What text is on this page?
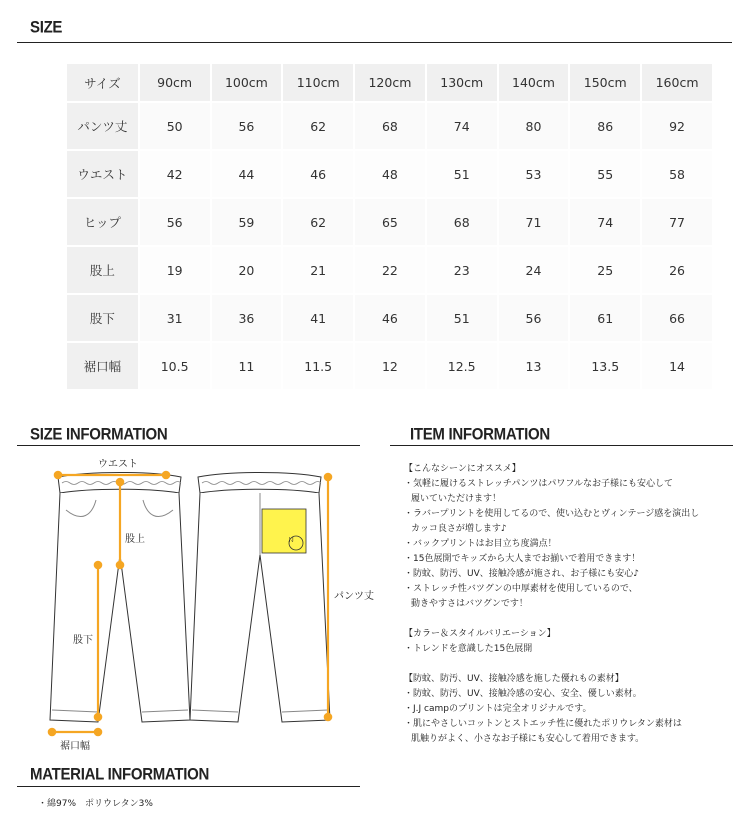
SIZE
サイズ	90cm	100cm	110cm	120cm	130cm	140cm	150cm	160cm
パンツ丈	50	56	62	68	74	80	86	92
ウエスト	42	44	46	48	51	53	55	58
ヒップ	56	59	62	65	68	71	74	77
股上	19	20	21	22	23	24	25	26
股下	31	36	41	46	51	56	61	66
裾口幅	10.5	11	11.5	12	12.5	13	13.5	14
SIZE INFORMATION
ウエスト
股上
股下
裾口幅
パンツ丈
J.J
MATERIAL INFORMATION
・綿97%　ポリウレタン3%
ITEM INFORMATION
【こんなシーンにオススメ】
・気軽に履けるストレッチパンツはパワフルなお子様にも安心して
履いていただけます！
・ラバープリントを使用してるので、使い込むとヴィンテージ感を演出し
カッコ良さが増します♪
・バックプリントはお目立ち度満点！
・15色展開でキッズから大人までお揃いで着用できます！
・防蚊、防汚、UV、接触冷感が施され、お子様にも安心♪
・ストレッチ性バツグンの中厚素材を使用しているので、
動きやすさはバツグンです！
【カラー＆スタイルバリエーション】
・トレンドを意識した15色展開
【防蚊、防汚、UV、接触冷感を施した優れもの素材】
・防蚊、防汚、UV、接触冷感の安心、安全、優しい素材。
・J.J campのプリントは完全オリジナルです。
・肌にやさしいコットンとストエッチ性に優れたポリウレタン素材は
肌触りがよく、小さなお子様にも安心して着用できます。
